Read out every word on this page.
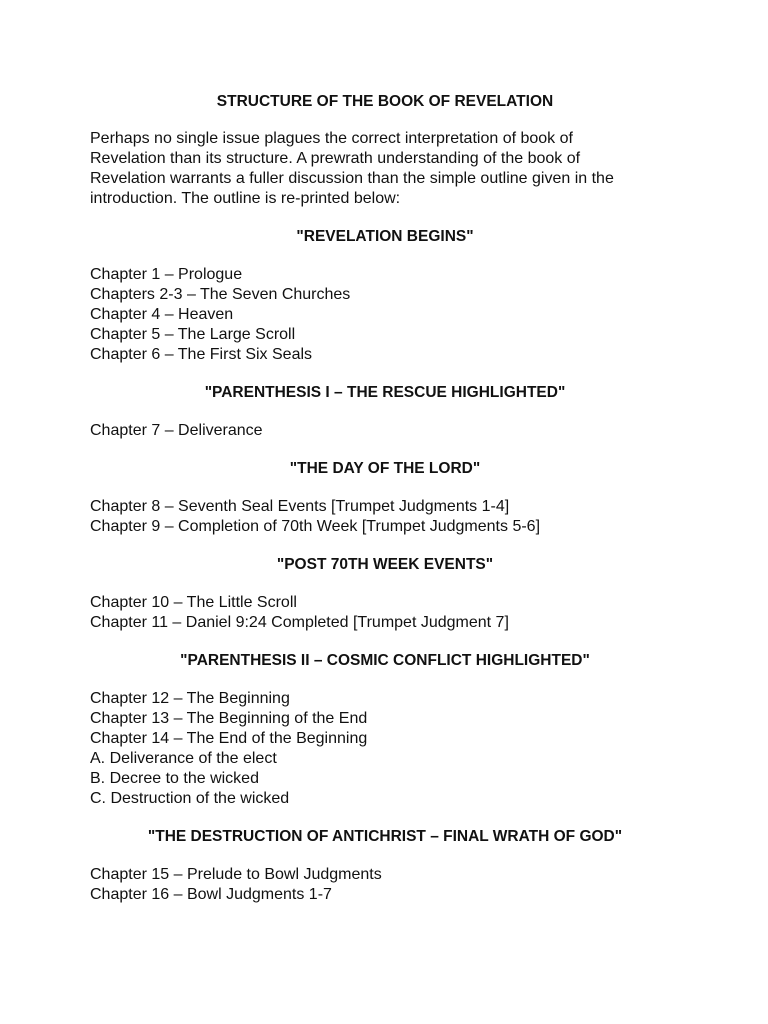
STRUCTURE OF THE BOOK OF REVELATION
Perhaps no single issue plagues the correct interpretation of book of
Revelation than its structure. A prewrath understanding of the book of
Revelation warrants a fuller discussion than the simple outline given in the
introduction. The outline is re-printed below:
"REVELATION BEGINS"
Chapter 1 – Prologue
Chapters 2-3 – The Seven Churches
Chapter 4 – Heaven
Chapter 5 – The Large Scroll
Chapter 6 – The First Six Seals
"PARENTHESIS I – THE RESCUE HIGHLIGHTED"
Chapter 7 – Deliverance
"THE DAY OF THE LORD"
Chapter 8 – Seventh Seal Events [Trumpet Judgments 1-4]
Chapter 9 – Completion of 70th Week [Trumpet Judgments 5-6]
"POST 70TH WEEK EVENTS"
Chapter 10 – The Little Scroll
Chapter 11 – Daniel 9:24 Completed [Trumpet Judgment 7]
"PARENTHESIS II – COSMIC CONFLICT HIGHLIGHTED"
Chapter 12 – The Beginning
Chapter 13 – The Beginning of the End
Chapter 14 – The End of the Beginning
A. Deliverance of the elect
B. Decree to the wicked
C. Destruction of the wicked
"THE DESTRUCTION OF ANTICHRIST – FINAL WRATH OF GOD"
Chapter 15 – Prelude to Bowl Judgments
Chapter 16 – Bowl Judgments 1-7
